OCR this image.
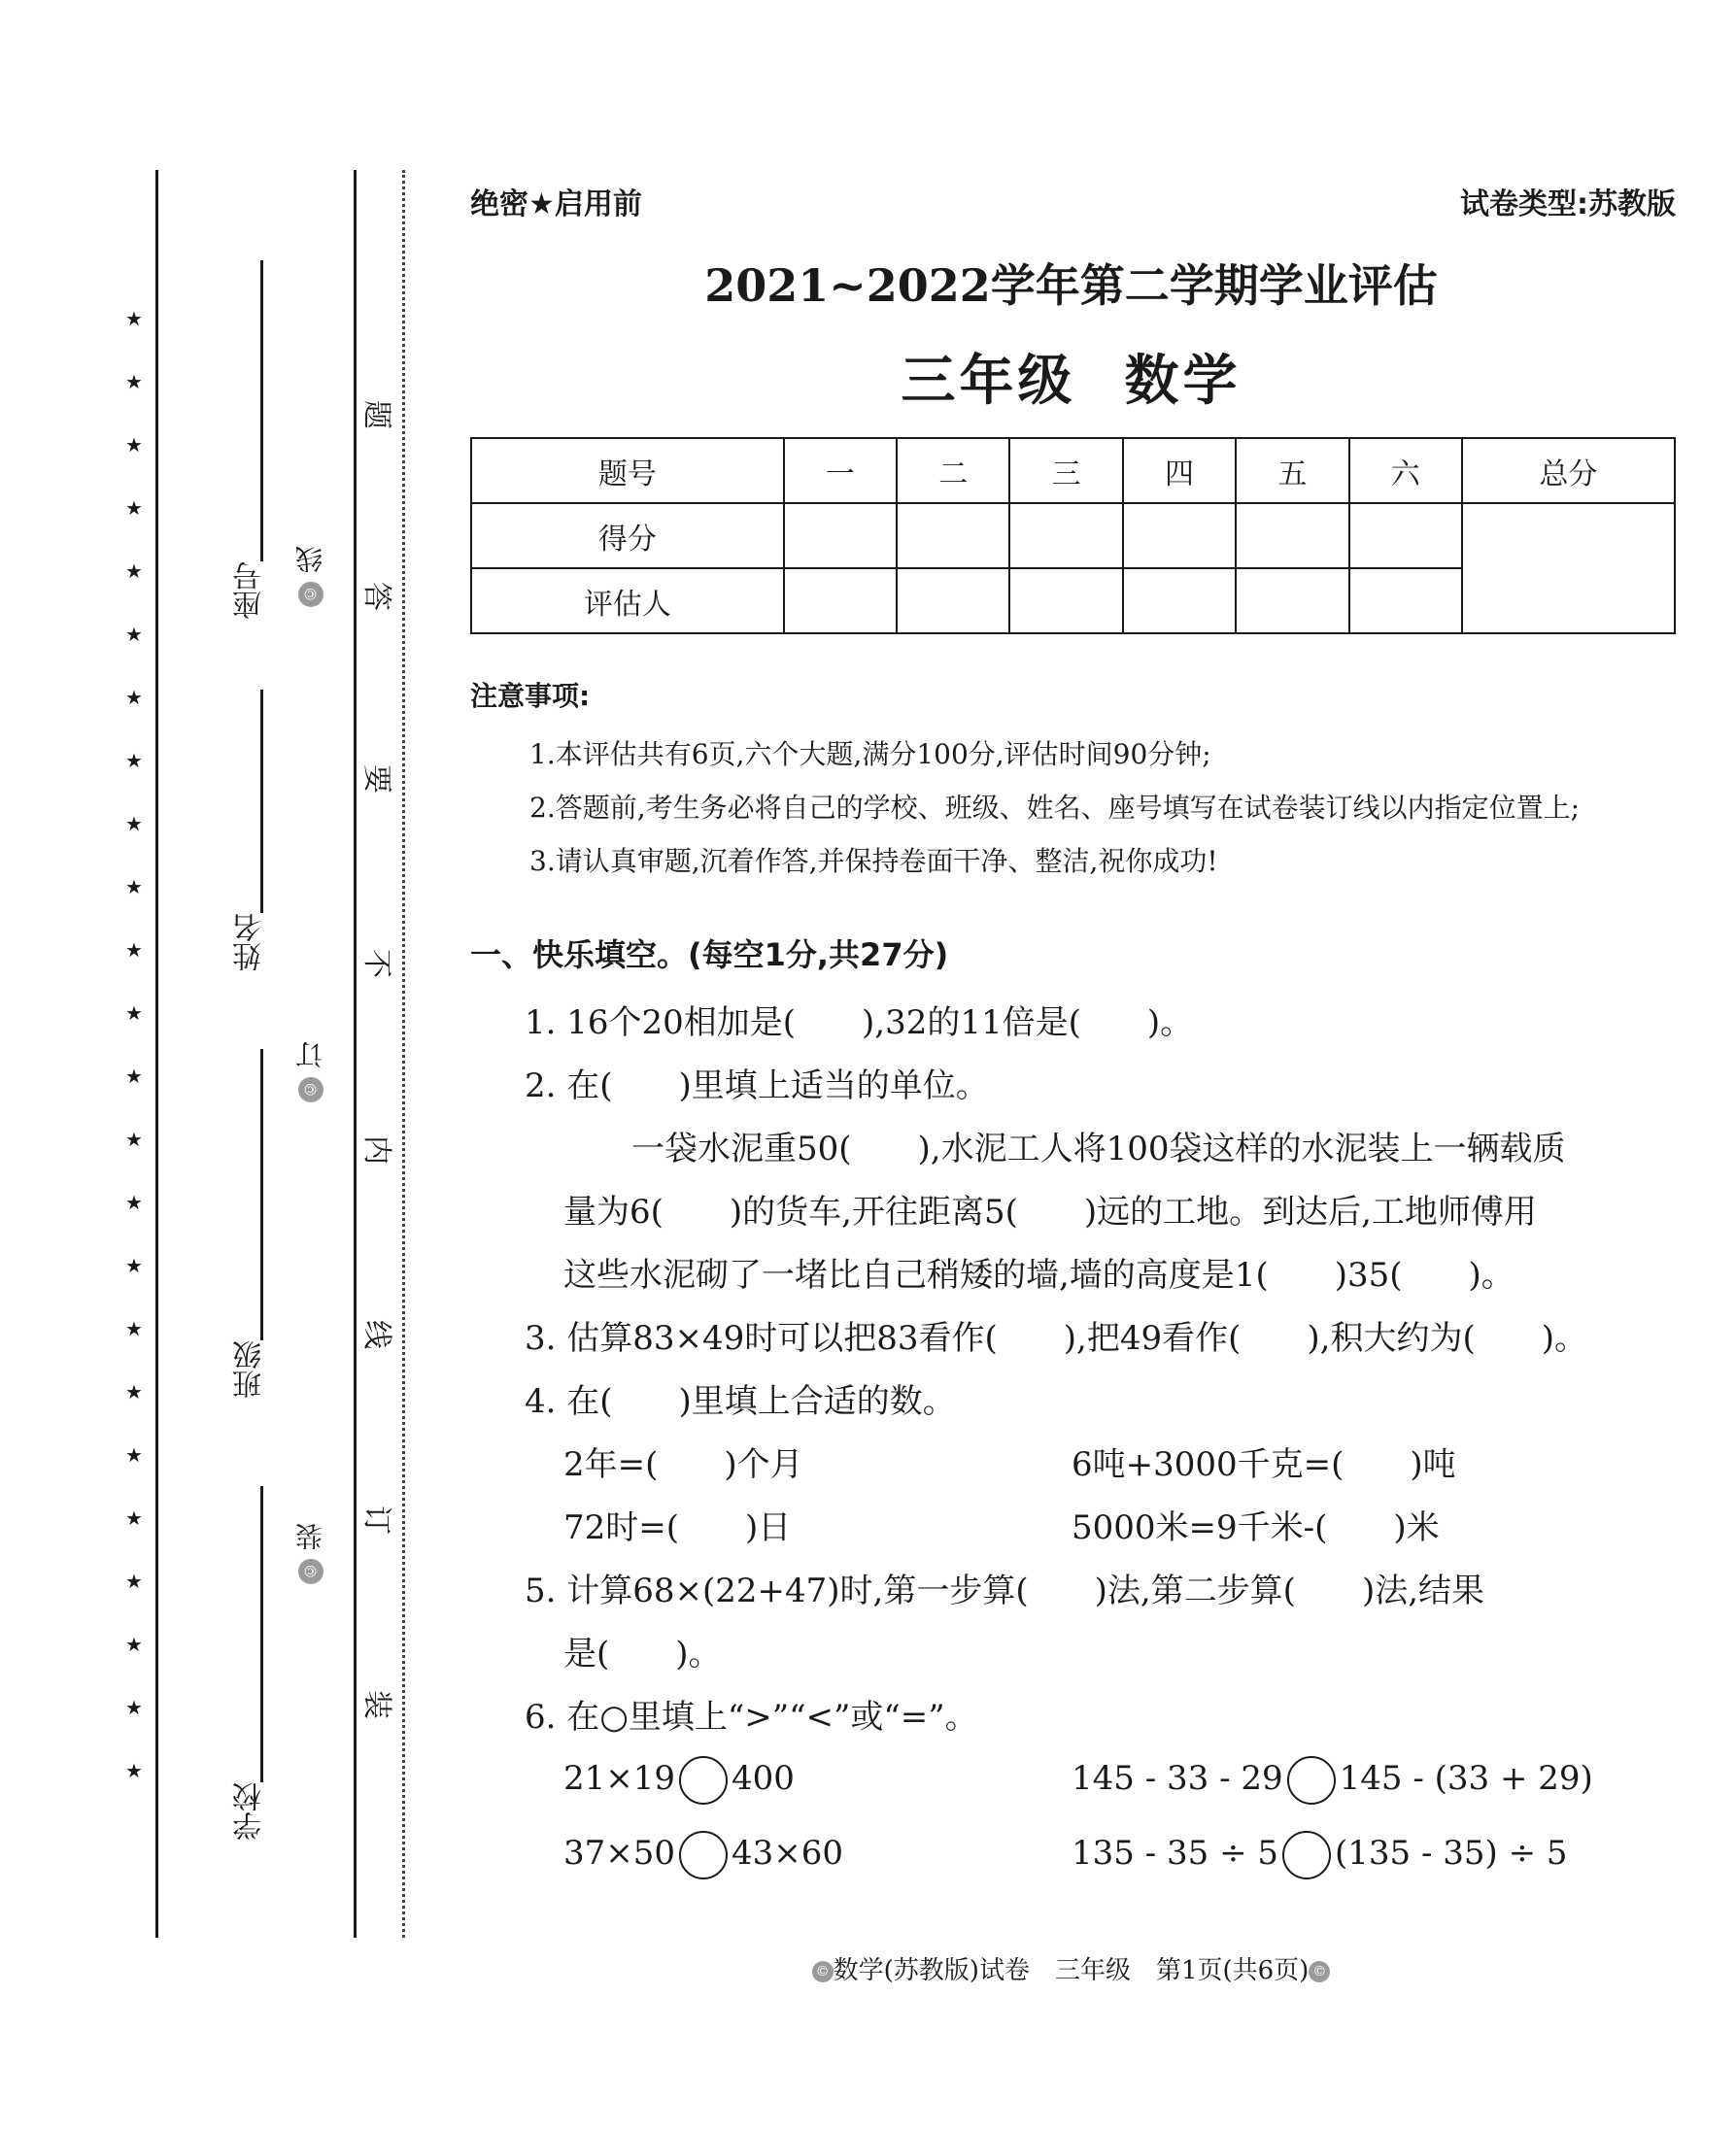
★
★
★
★
★
★
★
★
★
★
★
★
★
★
★
★
★
★
★
★
★
★
★
★
座号
姓名
班级
学校
© 线
© 订
© 装
题
答
要
不
内
线
订
装
绝密★启用前	试卷类型:苏教版
2021~2022学年第二学期学业评估
三年级 数学
题号	一	二	三	四	五	六	总分
得分							
评估人							
注意事项:
1.本评估共有6页,六个大题,满分100分,评估时间90分钟;
2.答题前,考生务必将自己的学校、班级、姓名、座号填写在试卷装订线以内指定位置上;
3.请认真审题,沉着作答,并保持卷面干净、整洁,祝你成功!
一、快乐填空。(每空1分,共27分)
1. 16个20相加是(　　),32的11倍是(　　)。
2. 在(　　)里填上适当的单位。
一袋水泥重50(　　),水泥工人将100袋这样的水泥装上一辆载质
量为6(　　)的货车,开往距离5(　　)远的工地。到达后,工地师傅用
这些水泥砌了一堵比自己稍矮的墙,墙的高度是1(　　)35(　　)。
3. 估算83×49时可以把83看作(　　),把49看作(　　),积大约为(　　)。
4. 在(　　)里填上合适的数。
2年=(　　)个月	6吨+3000千克=(　　)吨
72时=(　　)日	5000米=9千米-(　　)米
5. 计算68×(22+47)时,第一步算(　　)法,第二步算(　　)法,结果
是(　　)。
6. 在○里填上“>”“<”或“=”。
21×19 400	145 - 33 - 29 145 - (33 + 29)
37×50 43×60	135 - 35 ÷ 5 (135 - 35) ÷ 5
© 数学(苏教版)试卷　三年级　第1页(共6页) ©
